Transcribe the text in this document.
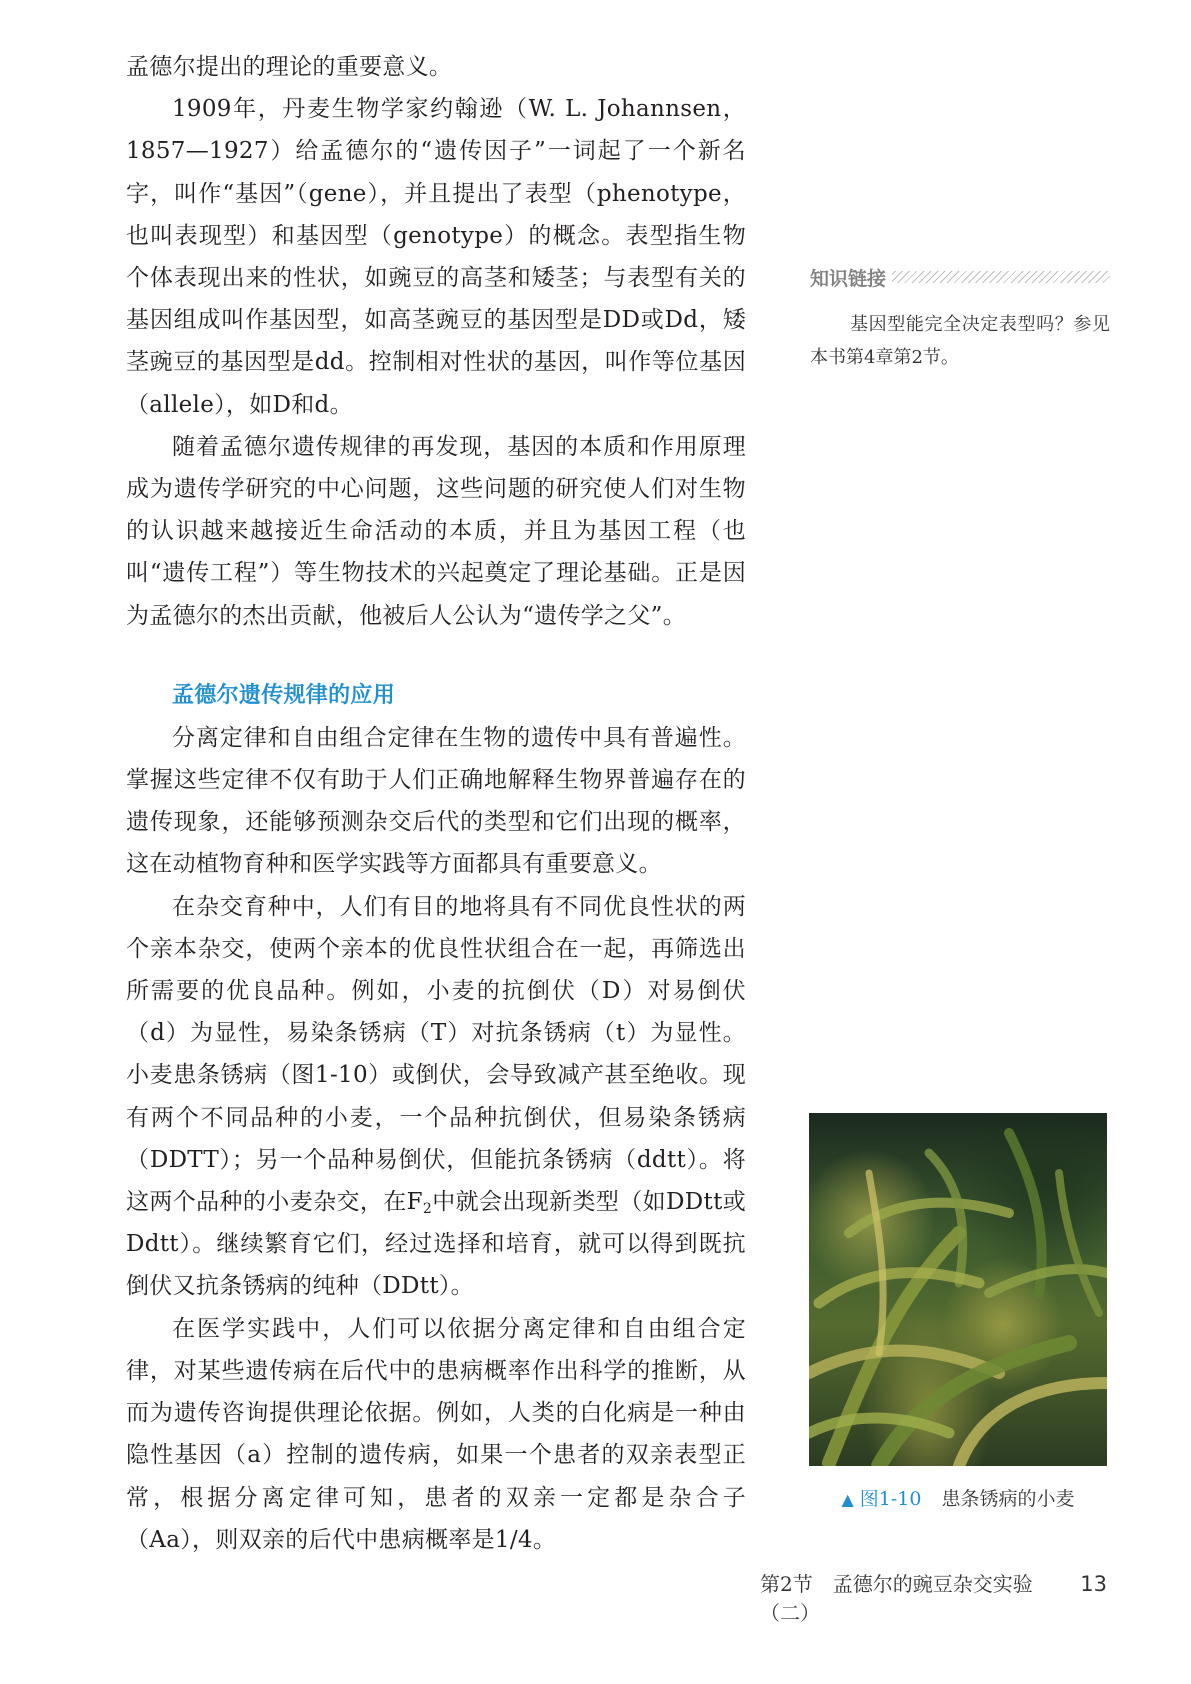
孟德尔提出的理论的重要意义。

1909年，丹麦生物学家约翰逊（W. L. Johannsen，1857—1927）给孟德尔的“遗传因子”一词起了一个新名字，叫作“基因”（gene），并且提出了表型（phenotype，也叫表现型）和基因型（genotype）的概念。表型指生物个体表现出来的性状，如豌豆的高茎和矮茎；与表型有关的基因组成叫作基因型，如高茎豌豆的基因型是DD或Dd，矮茎豌豆的基因型是dd。控制相对性状的基因，叫作等位基因（allele），如D和d。

随着孟德尔遗传规律的再发现，基因的本质和作用原理成为遗传学研究的中心问题，这些问题的研究使人们对生物的认识越来越接近生命活动的本质，并且为基因工程（也叫“遗传工程”）等生物技术的兴起奠定了理论基础。正是因为孟德尔的杰出贡献，他被后人公认为“遗传学之父”。

孟德尔遗传规律的应用

分离定律和自由组合定律在生物的遗传中具有普遍性。掌握这些定律不仅有助于人们正确地解释生物界普遍存在的遗传现象，还能够预测杂交后代的类型和它们出现的概率，这在动植物育种和医学实践等方面都具有重要意义。

在杂交育种中，人们有目的地将具有不同优良性状的两个亲本杂交，使两个亲本的优良性状组合在一起，再筛选出所需要的优良品种。例如，小麦的抗倒伏（D）对易倒伏（d）为显性，易染条锈病（T）对抗条锈病（t）为显性。小麦患条锈病（图1-10）或倒伏，会导致减产甚至绝收。现有两个不同品种的小麦，一个品种抗倒伏，但易染条锈病（DDTT）；另一个品种易倒伏，但能抗条锈病（ddtt）。将这两个品种的小麦杂交，在$F_2$中就会出现新类型（如DDtt或Ddtt）。继续繁育它们，经过选择和培育，就可以得到既抗倒伏又抗条锈病的纯种（DDtt）。

在医学实践中，人们可以依据分离定律和自由组合定律，对某些遗传病在后代中的患病概率作出科学的推断，从而为遗传咨询提供理论依据。例如，人类的白化病是一种由隐性基因（a）控制的遗传病，如果一个患者的双亲表型正常，根据分离定律可知，患者的双亲一定都是杂合子（Aa），则双亲的后代中患病概率是1/4。

知识链接
基因型能完全决定表型吗？参见本书第4章第2节。
▲ 图1-10 患条锈病的小麦
第2节　孟德尔的豌豆杂交实验（二）
13
